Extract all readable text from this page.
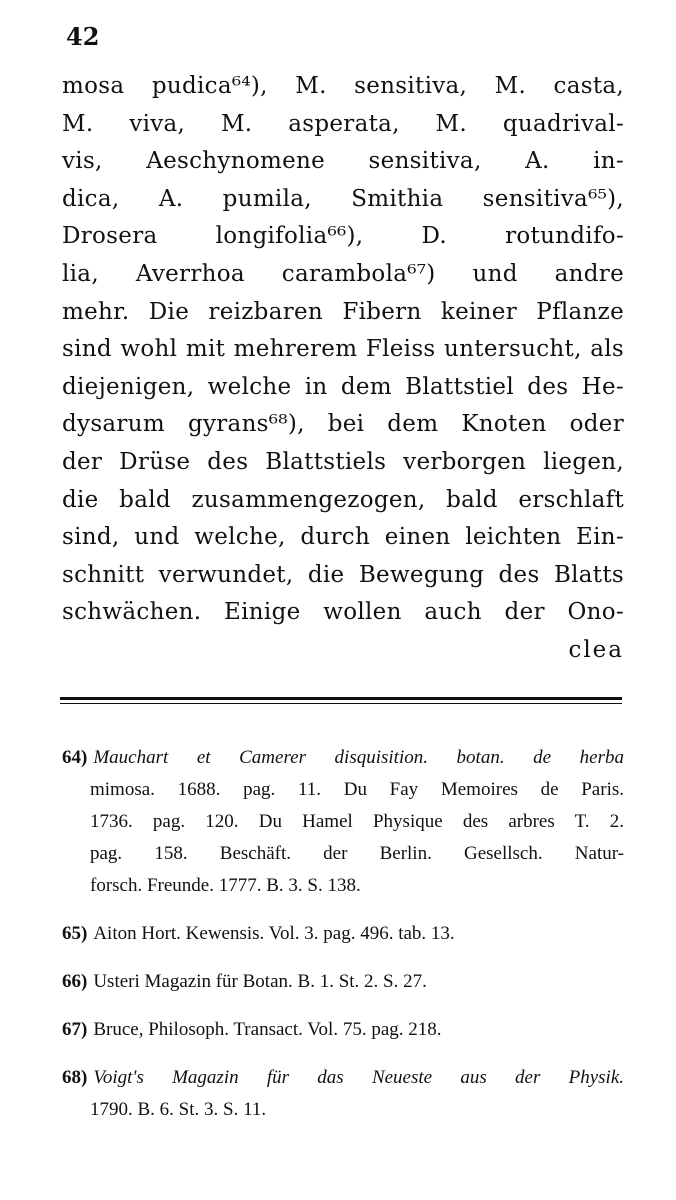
42
mosa pudica⁶⁴), M. sensitiva, M. casta,
M. viva, M. asperata, M. quadrival-
vis, Aeschynomene sensitiva, A. in-
dica, A. pumila, Smithia sensitiva⁶⁵),
Drosera longifolia⁶⁶), D. rotundifo-
lia, Averrhoa carambola⁶⁷) und andre
mehr. Die reizbaren Fibern keiner Pflanze
sind wohl mit mehrerem Fleiss untersucht, als
diejenigen, welche in dem Blattstiel des He-
dysarum gyrans⁶⁸), bei dem Knoten oder
der Drüse des Blattstiels verborgen liegen,
die bald zusammengezogen, bald erschlaft
sind, und welche, durch einen leichten Ein-
schnitt verwundet, die Bewegung des Blatts
schwächen. Einige wollen auch der Ono-
clea
64) Mauchart et Camerer disquisition. botan. de herba
mimosa. 1688. pag. 11. Du Fay Memoires de Paris.
1736. pag. 120. Du Hamel Physique des arbres T. 2.
pag. 158. Beschäft. der Berlin. Gesellsch. Natur-
forsch. Freunde. 1777. B. 3. S. 138.
65) Aiton Hort. Kewensis. Vol. 3. pag. 496. tab. 13.
66) Usteri Magazin für Botan. B. 1. St. 2. S. 27.
67) Bruce, Philosoph. Transact. Vol. 75. pag. 218.
68) Voigt's Magazin für das Neueste aus der Physik.
1790. B. 6. St. 3. S. 11.
